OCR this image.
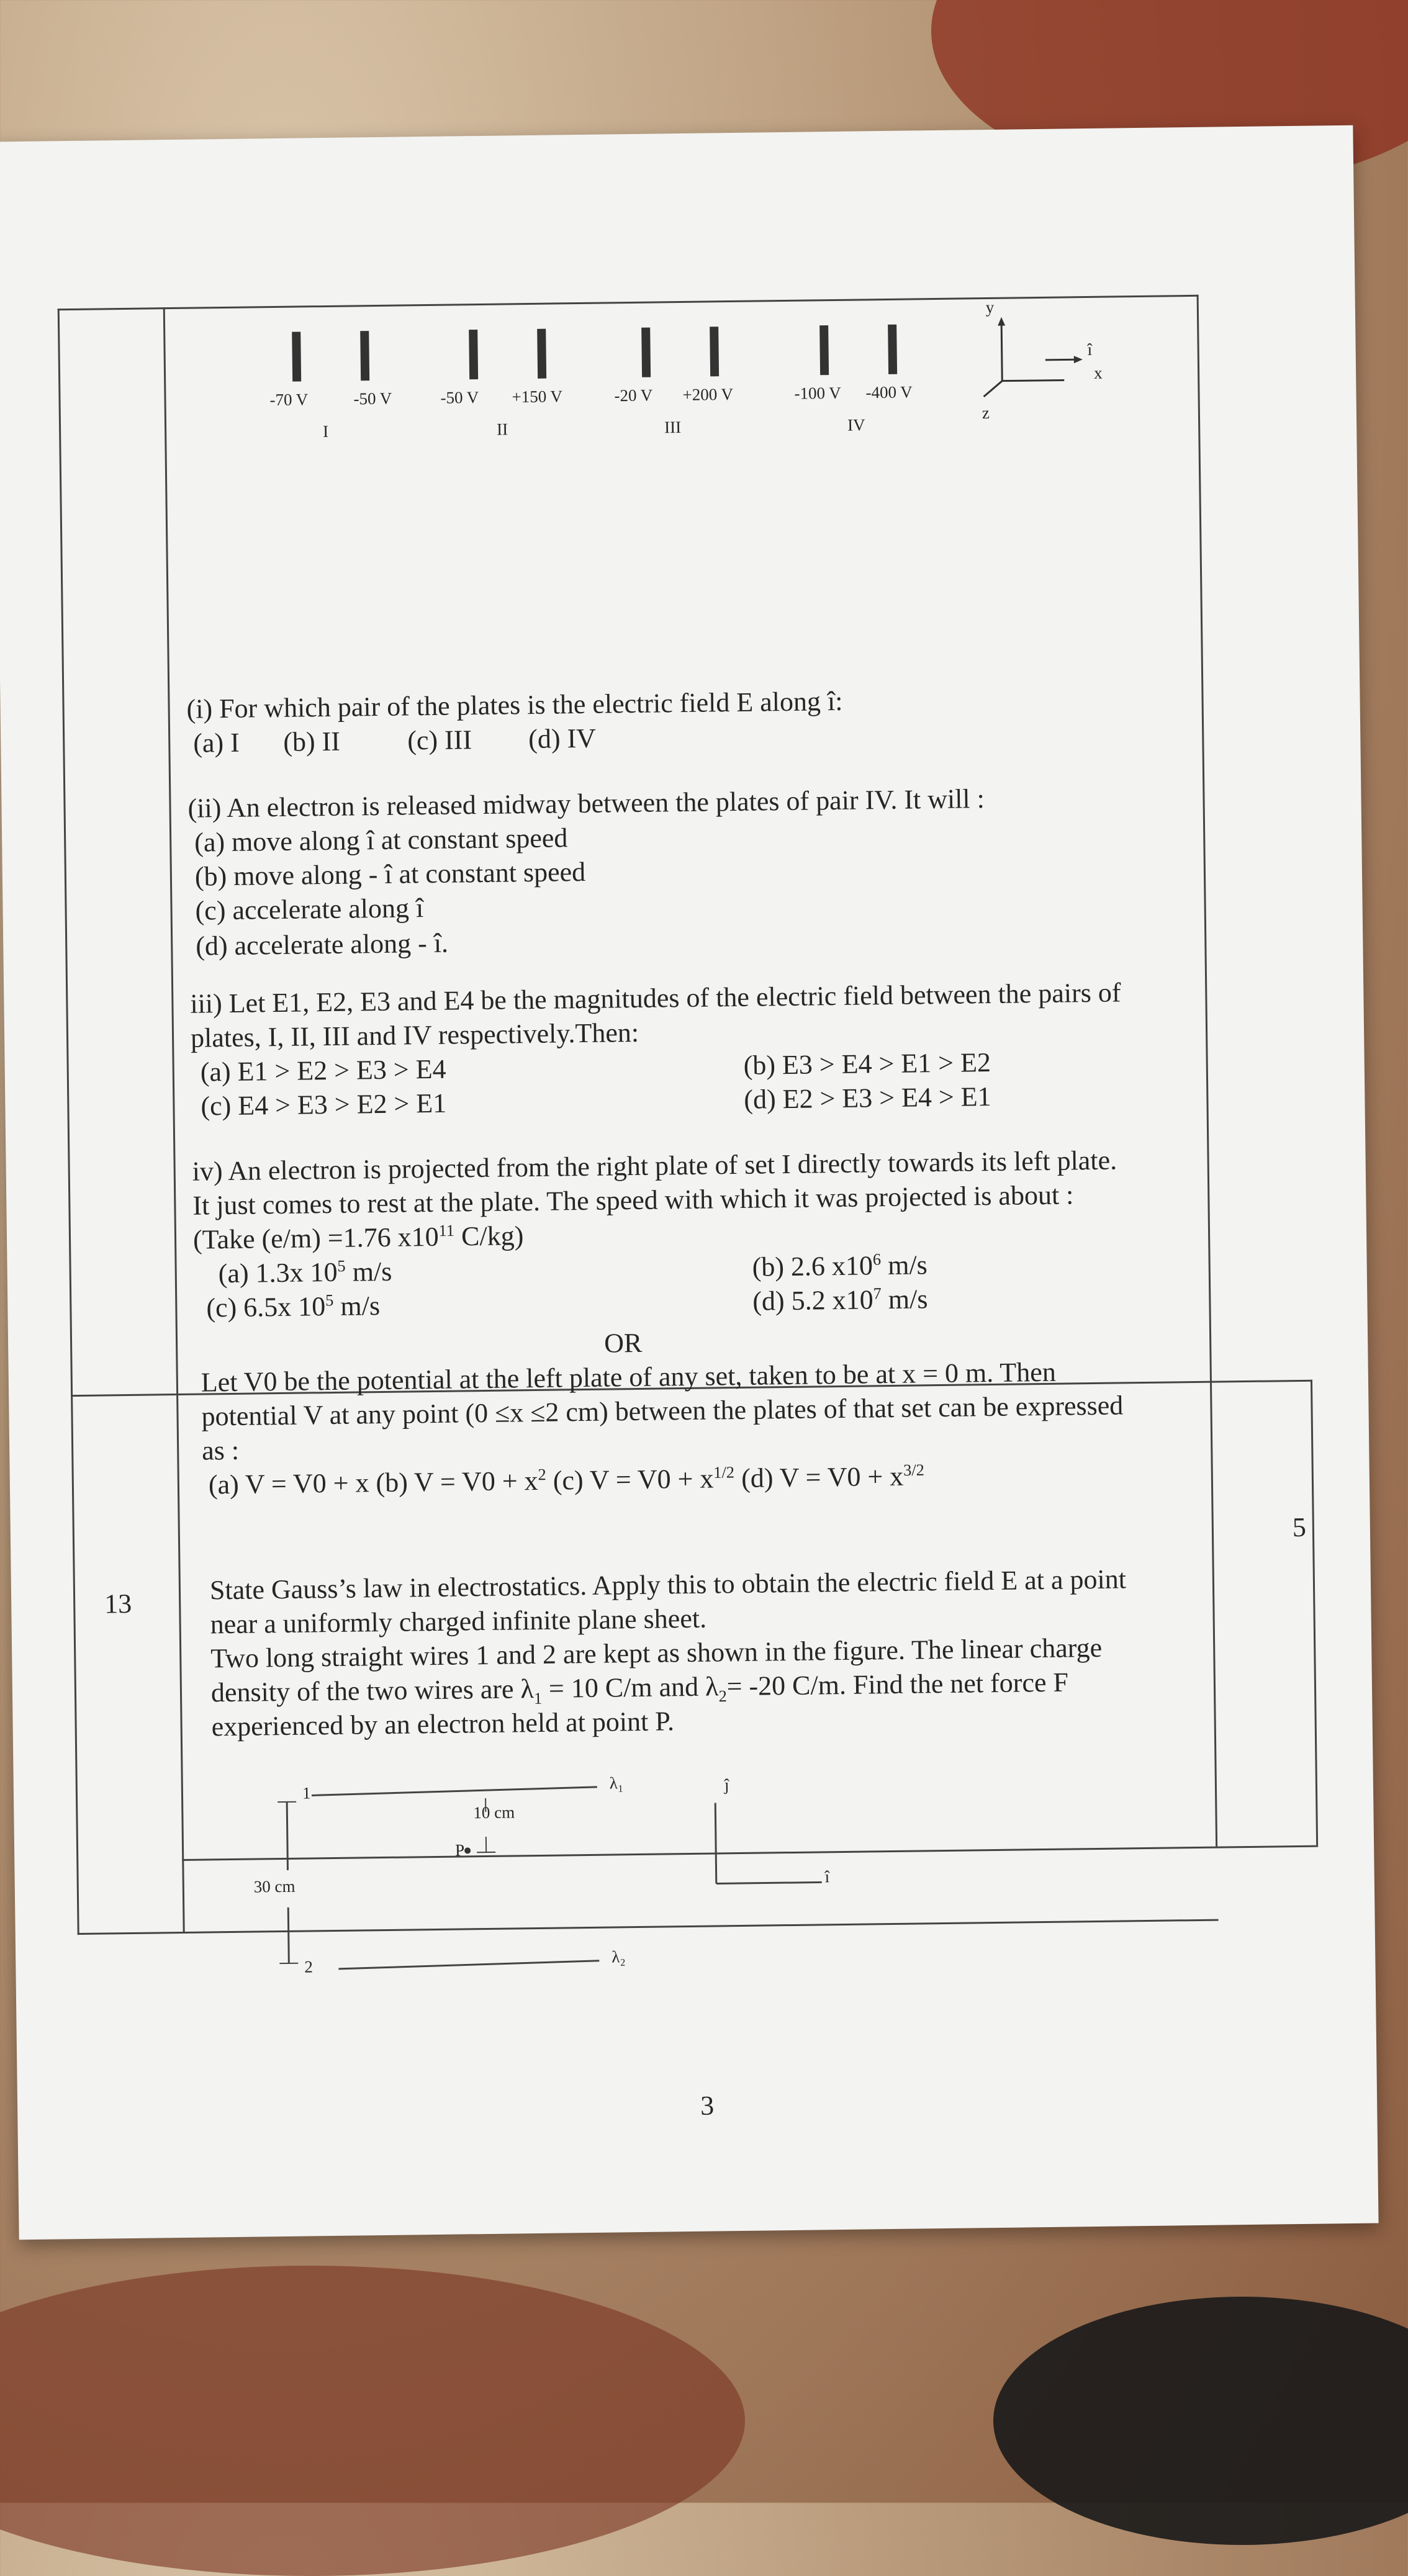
-70 V	-50 V
I
-50 V +150 V
II
-20 V +200 V
III
-100 V -400 V
IV
y
x
z
î
(i) For which pair of the plates is the electric field E along î:
(a) I (b) II (c) III (d) IV
(ii) An electron is released midway between the plates of pair IV. It will :
(a) move along î at constant speed
(b) move along - î at constant speed
(c) accelerate along î
(d) accelerate along - î.
iii) Let E1, E2, E3 and E4 be the magnitudes of the electric field between the pairs of
plates, I, II, III and IV respectively.Then:
(a) E1 > E2 > E3 > E4	(b) E3 > E4 > E1 > E2
(c) E4 > E3 > E2 > E1	(d) E2 > E3 > E4 > E1
iv) An electron is projected from the right plate of set I directly towards its left plate.
It just comes to rest at the plate. The speed with which it was projected is about :
(Take (e/m) =1.76 $x10^{11}$ C/kg)
(a) 1.3x $10^5$ m/s	(b) 2.6 $x10^6$ m/s
(c) 6.5x $10^5$ m/s	(d) 5.2 $x10^7$ m/s
OR
Let V0 be the potential at the left plate of any set, taken to be at x = 0 m. Then
potential V at any point (0 ≤x ≤2 cm) between the plates of that set can be expressed
as :
(a) V = V0 + x (b) $V = V0 + x^2$ (c) $V = V0 + x^{1/2}$ (d) $V = V0 + x^{3/2}$
13
5
State Gauss’s law in electrostatics. Apply this to obtain the electric field E at a point
near a uniformly charged infinite plane sheet.
Two long straight wires 1 and 2 are kept as shown in the figure. The linear charge
density of the two wires are $\lambda_1 = 10$ C/m and $\lambda_2= -20$ C/m. Find the net force F
experienced by an electron held at point P.
1
2
λ₁
λ₂
30 cm
10 cm
P
ĵ
î
3
